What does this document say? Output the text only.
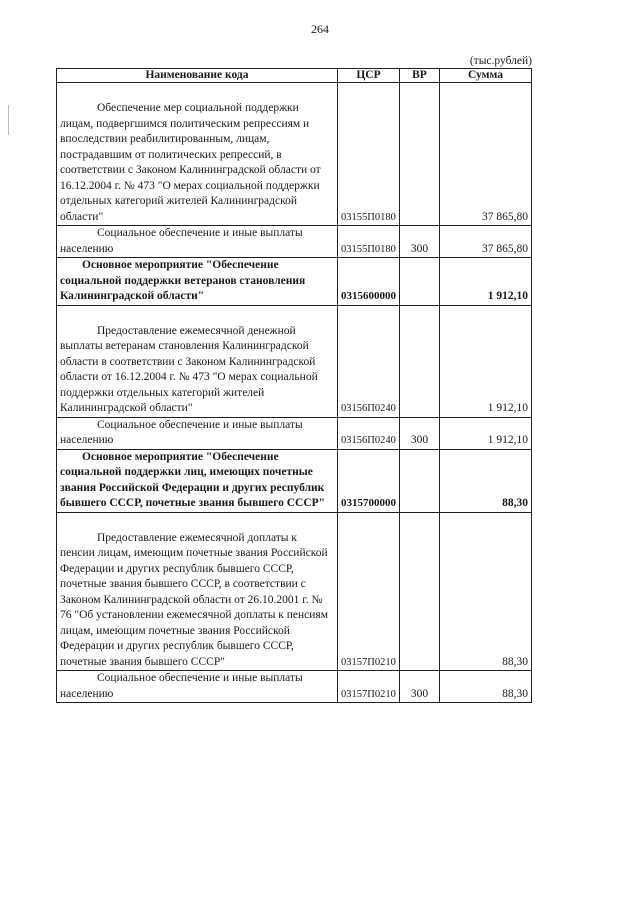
264
(тыс.рублей)
Наименование кода	ЦСР	ВР	Сумма
Обеспечение мер социальной поддержки лицам, подвергшимся политическим репрессиям и впоследствии реабилитированным, лицам, пострадавшим от политических репрессий, в соответствии с Законом Калининградской области от 16.12.2004 г. № 473 "О мерах социальной поддержки отдельных категорий жителей Калининградской области"	03155П0180		37 865,80
Социальное обеспечение и иные выплаты населению	03155П0180	300	37 865,80
Основное мероприятие "Обеспечение социальной поддержки ветеранов становления Калининградской области"	0315600000		1 912,10
Предоставление ежемесячной денежной выплаты ветеранам становления Калининградской области в соответствии с Законом Калининградской области от 16.12.2004 г. № 473 "О мерах социальной поддержки отдельных категорий жителей Калининградской области"	03156П0240		1 912,10
Социальное обеспечение и иные выплаты населению	03156П0240	300	1 912,10
Основное мероприятие "Обеспечение социальной поддержки лиц, имеющих почетные звания Российской Федерации и других республик бывшего СССР, почетные звания бывшего СССР"	0315700000		88,30
Предоставление ежемесячной доплаты к пенсии лицам, имеющим почетные звания Российской Федерации и других республик бывшего СССР, почетные звания бывшего СССР, в соответствии с Законом Калининградской области от 26.10.2001 г. № 76 "Об установлении ежемесячной доплаты к пенсиям лицам, имеющим почетные звания Российской Федерации и других республик бывшего СССР, почетные звания бывшего СССР"	03157П0210		88,30
Социальное обеспечение и иные выплаты населению	03157П0210	300	88,30
